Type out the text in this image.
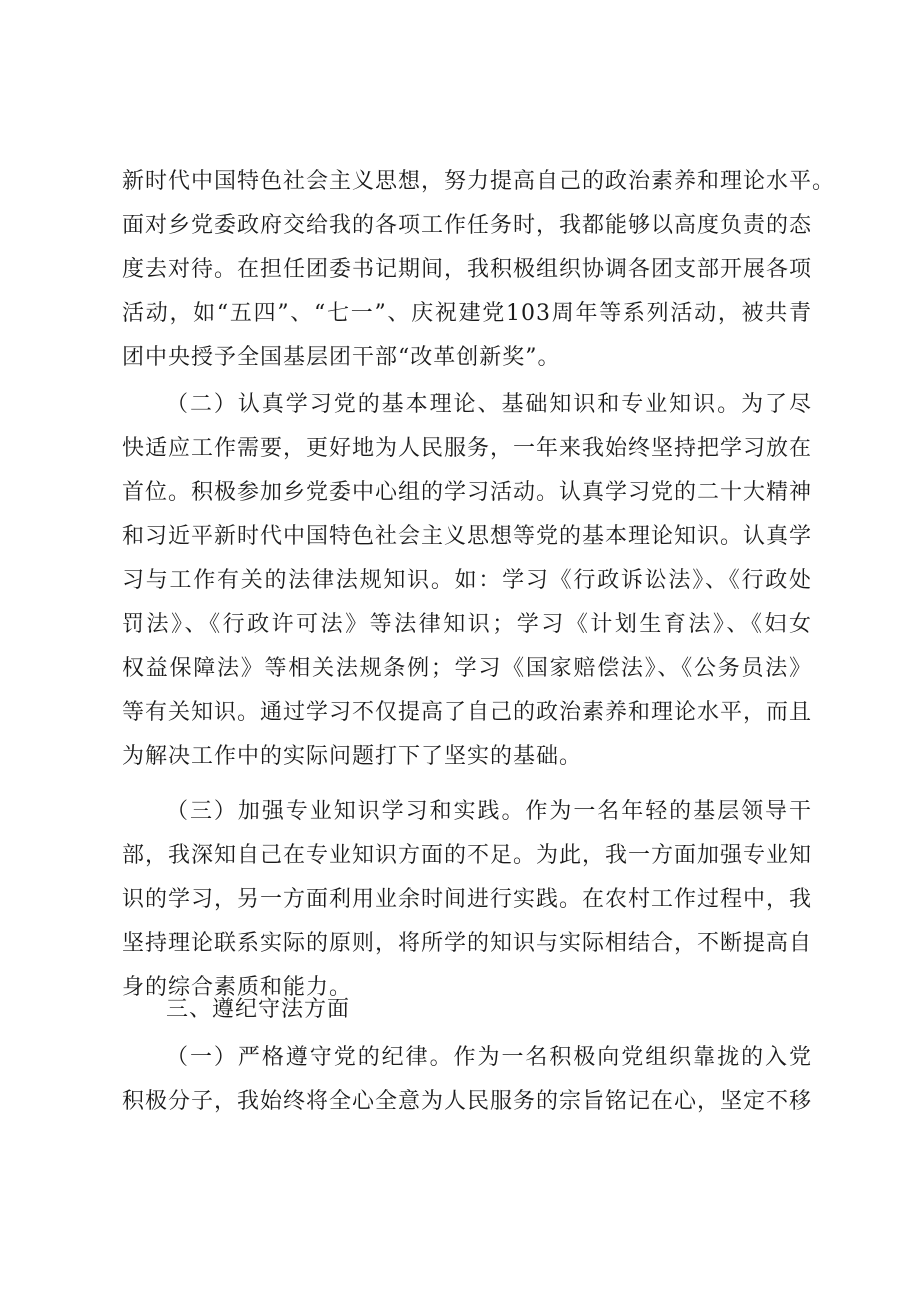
新时代中国特色社会主义思想，努力提高自己的政治素养和理论水平。
面对乡党委政府交给我的各项工作任务时，我都能够以高度负责的态
度去对待。在担任团委书记期间，我积极组织协调各团支部开展各项
活动，如“五四”、“七一”、庆祝建党103周年等系列活动，被共青
团中央授予全国基层团干部“改革创新奖”。
（二）认真学习党的基本理论、基础知识和专业知识。为了尽
快适应工作需要，更好地为人民服务，一年来我始终坚持把学习放在
首位。积极参加乡党委中心组的学习活动。认真学习党的二十大精神
和习近平新时代中国特色社会主义思想等党的基本理论知识。认真学
习与工作有关的法律法规知识。如：学习《行政诉讼法》、《行政处
罚法》、《行政许可法》等法律知识；学习《计划生育法》、《妇女
权益保障法》等相关法规条例；学习《国家赔偿法》、《公务员法》
等有关知识。通过学习不仅提高了自己的政治素养和理论水平，而且
为解决工作中的实际问题打下了坚实的基础。
（三）加强专业知识学习和实践。作为一名年轻的基层领导干
部，我深知自己在专业知识方面的不足。为此，我一方面加强专业知
识的学习，另一方面利用业余时间进行实践。在农村工作过程中，我
坚持理论联系实际的原则，将所学的知识与实际相结合，不断提高自
身的综合素质和能力。
三、遵纪守法方面
（一）严格遵守党的纪律。作为一名积极向党组织靠拢的入党
积极分子，我始终将全心全意为人民服务的宗旨铭记在心，坚定不移
